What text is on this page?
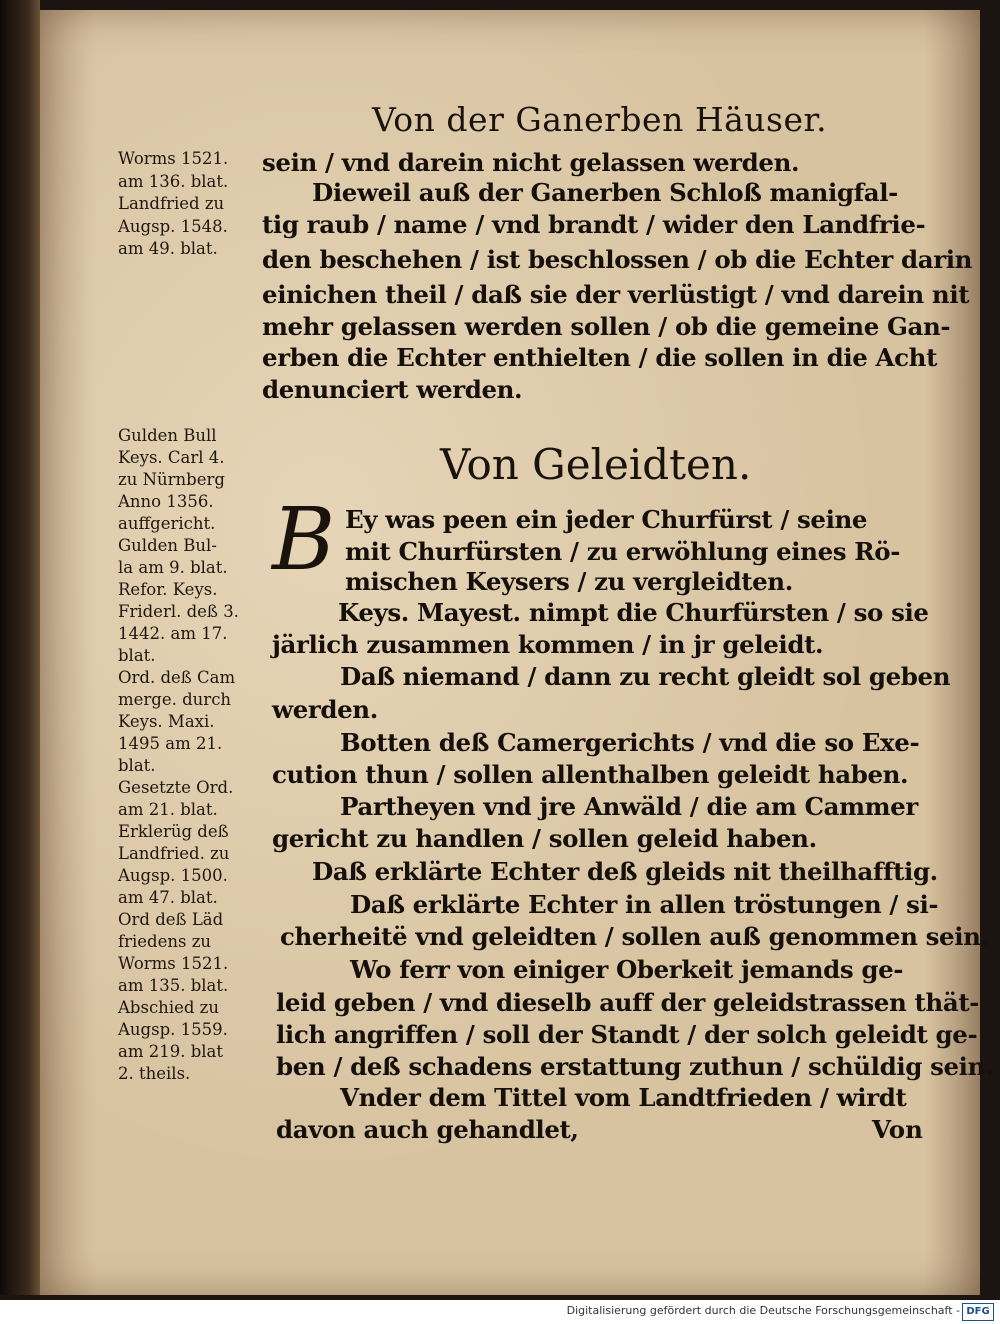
Von der Ganerben Häuser.
Worms 1521.
am 136. blat.
Landfried zu
Augsp. 1548.
am 49. blat.
sein / vnd darein nicht gelassen werden.
Dieweil auß der Ganerben Schloß manigfal-
tig raub / name / vnd brandt / wider den Landfrie-
den beschehen / ist beschlossen / ob die Echter darin
einichen theil / daß sie der verlüstigt / vnd darein nit
mehr gelassen werden sollen / ob die gemeine Gan-
erben die Echter enthielten / die sollen in die Acht
denunciert werden.
Von Geleidten.
Gulden Bull
Keys. Carl 4.
zu Nürnberg
Anno 1356.
auffgericht.
Gulden Bul-
la am 9. blat.
Refor. Keys.
Friderl. deß 3.
1442. am 17.
blat.
Ord. deß Cam
merge. durch
Keys. Maxi.
1495 am 21.
blat.
Gesetzte Ord.
am 21. blat.
Erklerüg deß
Landfried. zu
Augsp. 1500.
am 47. blat.
Ord deß Läd
friedens zu
Worms 1521.
am 135. blat.
Abschied zu
Augsp. 1559.
am 219. blat
2. theils.
B Ey was peen ein jeder Churfürst / seine
mit Churfürsten / zu erwöhlung eines Rö-
mischen Keysers / zu vergleidten.
Keys. Mayest. nimpt die Churfürsten / so sie
järlich zusammen kommen / in jr geleidt.
Daß niemand / dann zu recht gleidt sol geben
werden.
Botten deß Camergerichts / vnd die so Exe-
cution thun / sollen allenthalben geleidt haben.
Partheyen vnd jre Anwäld / die am Cammer
gericht zu handlen / sollen geleid haben.
Daß erklärte Echter deß gleids nit theilhafftig.
Daß erklärte Echter in allen tröstungen / si-
cherheitë vnd geleidten / sollen auß genommen sein.
Wo ferr von einiger Oberkeit jemands ge-
leid geben / vnd dieselb auff der geleidstrassen thät-
lich angriffen / soll der Standt / der solch geleidt ge-
ben / deß schadens erstattung zuthun / schüldig sein.
Vnder dem Tittel vom Landtfrieden / wirdt
davon auch gehandlet,	Von
Digitalisierung gefördert durch die Deutsche Forschungsgemeinschaft - DFG
